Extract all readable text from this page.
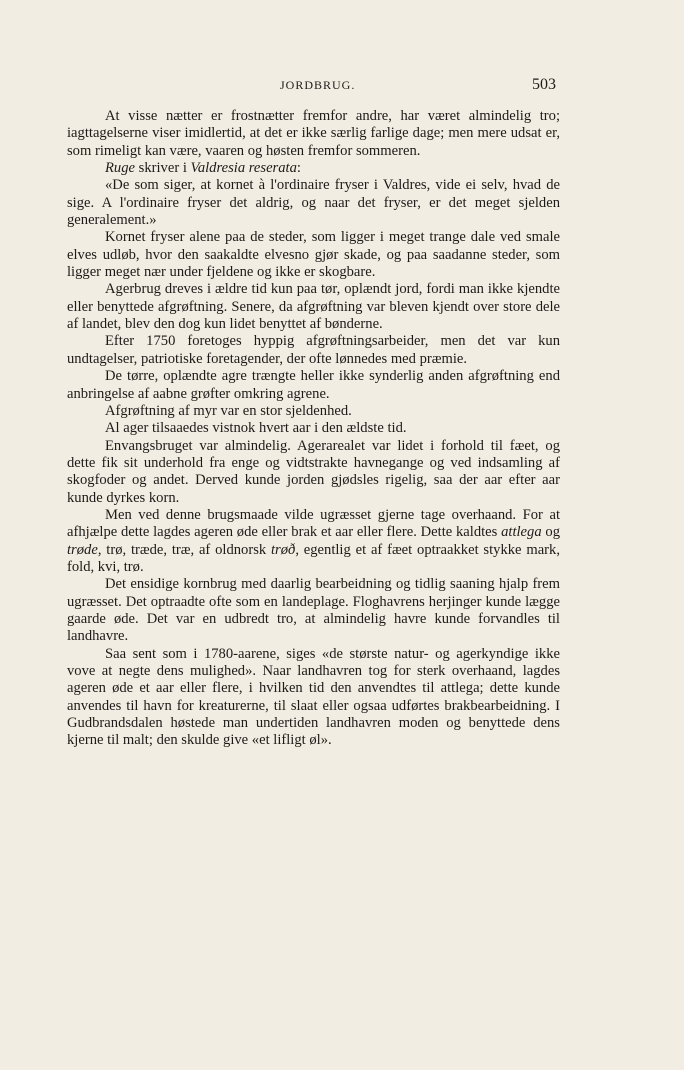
JORDBRUG.	503

At visse nætter er frostnætter fremfor andre, har været almindelig tro; iagttagelserne viser imidlertid, at det er ikke særlig farlige dage; men mere udsat er, som rimeligt kan være, vaaren og høsten fremfor sommeren.

Ruge skriver i Valdresia reserata:

«De som siger, at kornet à l'ordinaire fryser i Valdres, vide ei selv, hvad de sige. A l'ordinaire fryser det aldrig, og naar det fryser, er det meget sjelden generalement.»

Kornet fryser alene paa de steder, som ligger i meget trange dale ved smale elves udløb, hvor den saakaldte elvesno gjør skade, og paa saadanne steder, som ligger meget nær under fjeldene og ikke er skogbare.

Agerbrug dreves i ældre tid kun paa tør, oplændt jord, fordi man ikke kjendte eller benyttede afgrøftning. Senere, da afgrøftning var bleven kjendt over store dele af landet, blev den dog kun lidet benyttet af bønderne.

Efter 1750 foretoges hyppig afgrøftningsarbeider, men det var kun undtagelser, patriotiske foretagender, der ofte lønnedes med præmie.

De tørre, oplændte agre trængte heller ikke synderlig anden afgrøftning end anbringelse af aabne grøfter omkring agrene.

Afgrøftning af myr var en stor sjeldenhed.

Al ager tilsaaedes vistnok hvert aar i den ældste tid.

Envangsbruget var almindelig. Agerarealet var lidet i forhold til fæet, og dette fik sit underhold fra enge og vidtstrakte havnegange og ved indsamling af skogfoder og andet. Derved kunde jorden gjødsles rigelig, saa der aar efter aar kunde dyrkes korn.

Men ved denne brugsmaade vilde ugræsset gjerne tage overhaand. For at afhjælpe dette lagdes ageren øde eller brak et aar eller flere. Dette kaldtes attlega og trøde, trø, træde, træ, af oldnorsk trøð, egentlig et af fæet optraakket stykke mark, fold, kvi, trø.

Det ensidige kornbrug med daarlig bearbeidning og tidlig saaning hjalp frem ugræsset. Det optraadte ofte som en landeplage. Floghavrens herjinger kunde lægge gaarde øde. Det var en udbredt tro, at almindelig havre kunde forvandles til landhavre.

Saa sent som i 1780-aarene, siges «de største natur- og agerkyndige ikke vove at negte dens mulighed». Naar landhavren tog for sterk overhaand, lagdes ageren øde et aar eller flere, i hvilken tid den anvendtes til attlega; dette kunde anvendes til havn for kreaturerne, til slaat eller ogsaa udførtes brakbearbeidning. I Gudbrandsdalen høstede man undertiden landhavren moden og benyttede dens kjerne til malt; den skulde give «et lifligt øl».
